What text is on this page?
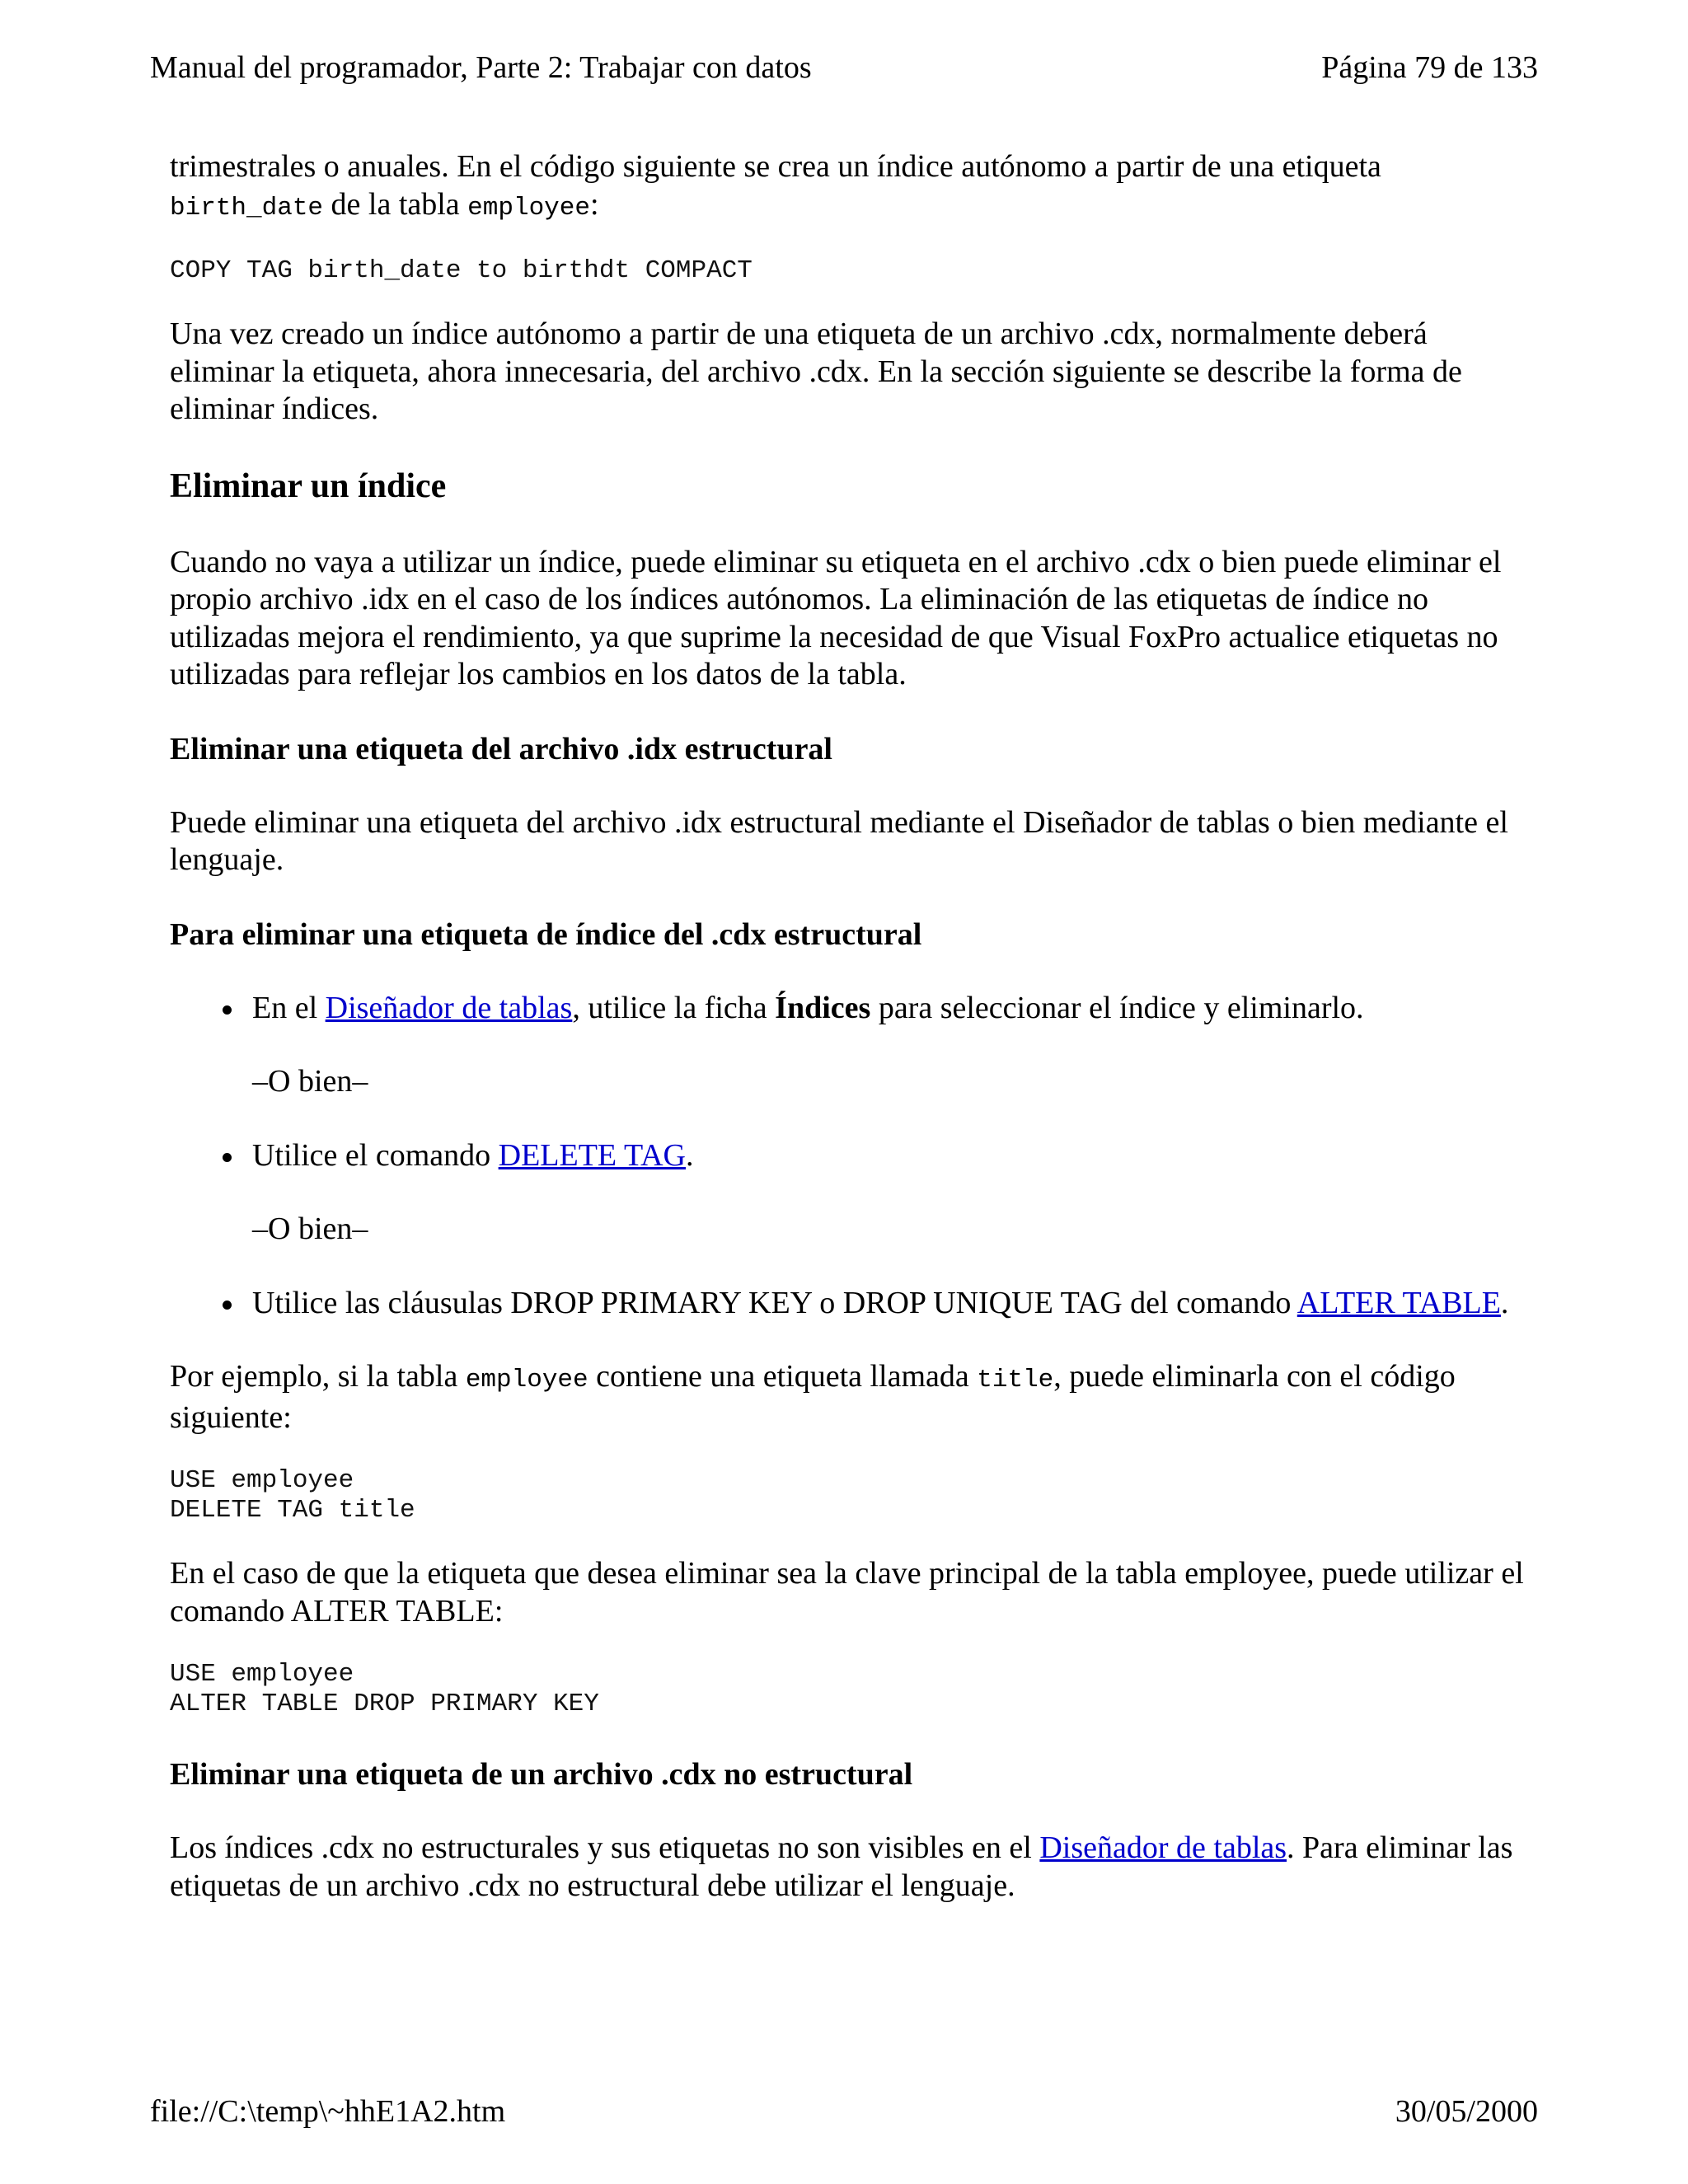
Manual del programador, Parte 2: Trabajar con datos	Página 79 de 133

trimestrales o anuales. En el código siguiente se crea un índice autónomo a partir de una etiqueta
birth_date de la tabla employee:

COPY TAG birth_date to birthdt COMPACT

Una vez creado un índice autónomo a partir de una etiqueta de un archivo .cdx, normalmente deberá eliminar la etiqueta, ahora innecesaria, del archivo .cdx. En la sección siguiente se describe la forma de eliminar índices.

Eliminar un índice

Cuando no vaya a utilizar un índice, puede eliminar su etiqueta en el archivo .cdx o bien puede eliminar el propio archivo .idx en el caso de los índices autónomos. La eliminación de las etiquetas de índice no utilizadas mejora el rendimiento, ya que suprime la necesidad de que Visual FoxPro actualice etiquetas no utilizadas para reflejar los cambios en los datos de la tabla.

Eliminar una etiqueta del archivo .idx estructural

Puede eliminar una etiqueta del archivo .idx estructural mediante el Diseñador de tablas o bien mediante el lenguaje.

Para eliminar una etiqueta de índice del .cdx estructural
En el Diseñador de tablas, utilice la ficha Índices para seleccionar el índice y eliminarlo.
–O bien–
Utilice el comando DELETE TAG.
–O bien–
Utilice las cláusulas DROP PRIMARY KEY o DROP UNIQUE TAG del comando ALTER TABLE.

Por ejemplo, si la tabla employee contiene una etiqueta llamada title, puede eliminarla con el código siguiente:

USE employee
DELETE TAG title

En el caso de que la etiqueta que desea eliminar sea la clave principal de la tabla employee, puede utilizar el comando ALTER TABLE:

USE employee
ALTER TABLE DROP PRIMARY KEY
Eliminar una etiqueta de un archivo .cdx no estructural

Los índices .cdx no estructurales y sus etiquetas no son visibles en el Diseñador de tablas. Para eliminar las etiquetas de un archivo .cdx no estructural debe utilizar el lenguaje.

file://C:\temp\~hhE1A2.htm	30/05/2000
